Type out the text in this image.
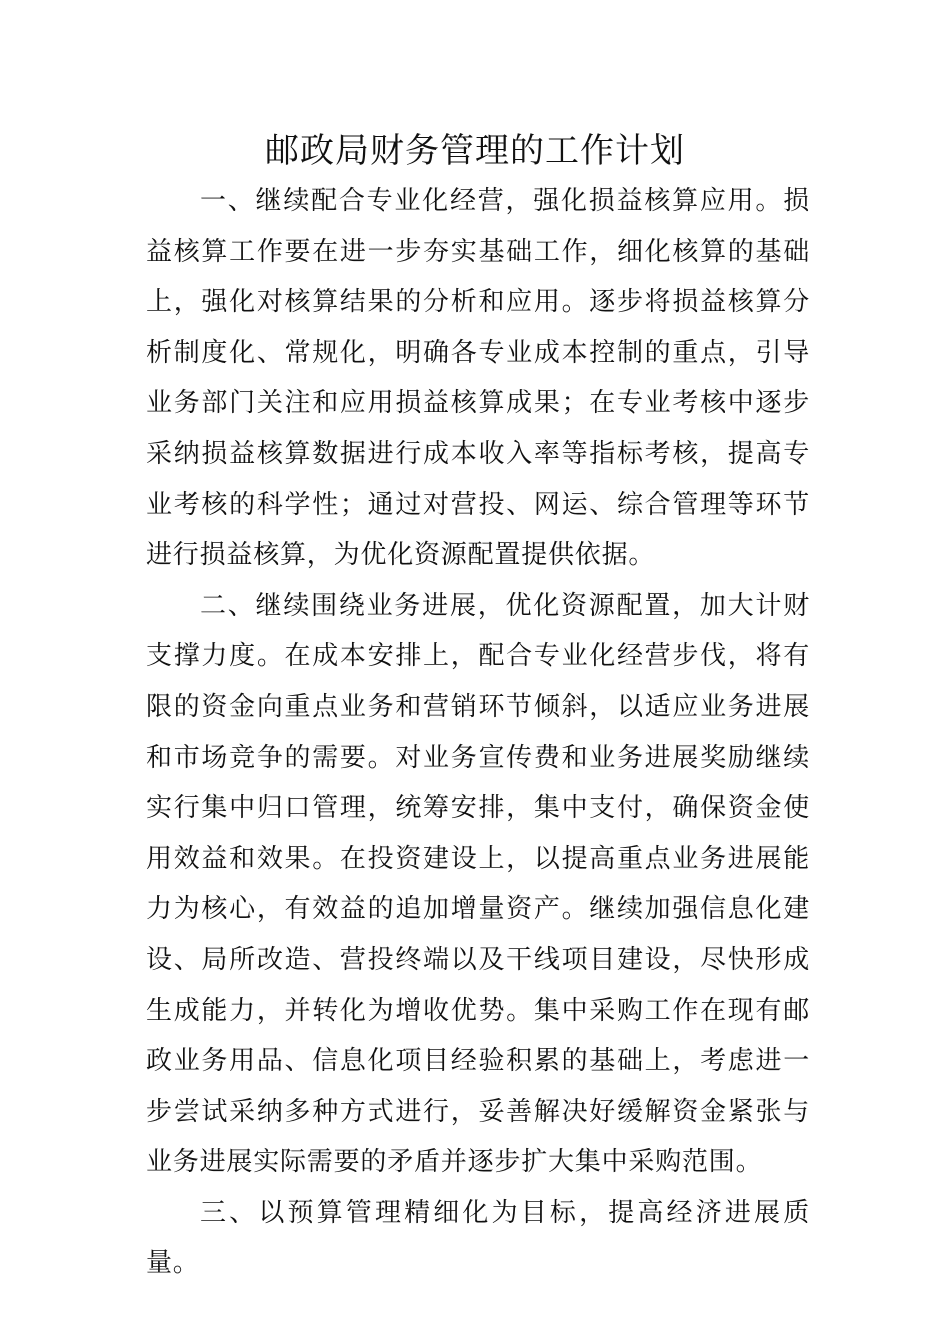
邮政局财务管理的工作计划

一、继续配合专业化经营，强化损益核算应用。损益核算工作要在进一步夯实基础工作，细化核算的基础上，强化对核算结果的分析和应用。逐步将损益核算分析制度化、常规化，明确各专业成本控制的重点，引导业务部门关注和应用损益核算成果；在专业考核中逐步采纳损益核算数据进行成本收入率等指标考核，提高专业考核的科学性；通过对营投、网运、综合管理等环节进行损益核算，为优化资源配置提供依据。

二、继续围绕业务进展，优化资源配置，加大计财支撑力度。在成本安排上，配合专业化经营步伐，将有限的资金向重点业务和营销环节倾斜，以适应业务进展和市场竞争的需要。对业务宣传费和业务进展奖励继续实行集中归口管理，统筹安排，集中支付，确保资金使用效益和效果。在投资建设上，以提高重点业务进展能力为核心，有效益的追加增量资产。继续加强信息化建设、局所改造、营投终端以及干线项目建设，尽快形成生成能力，并转化为增收优势。集中采购工作在现有邮政业务用品、信息化项目经验积累的基础上，考虑进一步尝试采纳多种方式进行，妥善解决好缓解资金紧张与业务进展实际需要的矛盾并逐步扩大集中采购范围。

三、以预算管理精细化为目标，提高经济进展质量。
